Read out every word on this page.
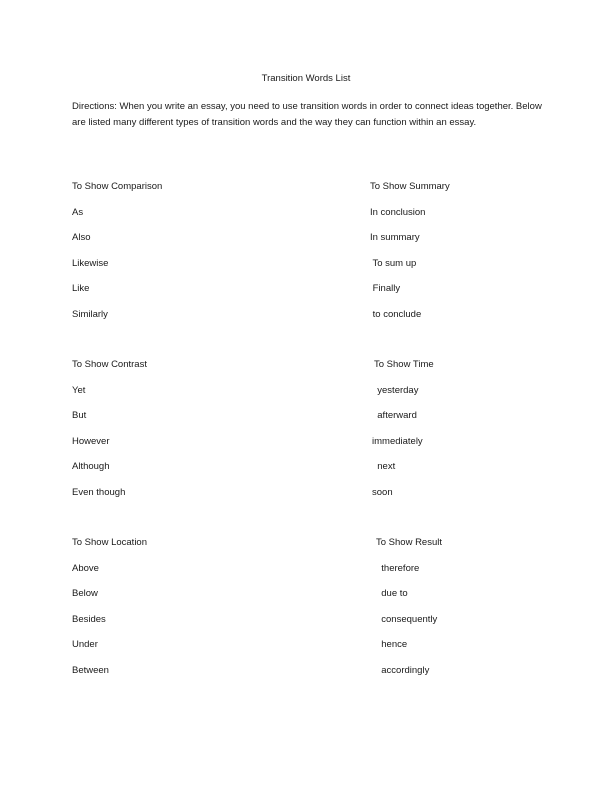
Transition Words List
Directions: When you write an essay, you need to use transition words in order to connect ideas together. Below are listed many different types of transition words and the way they can function within an essay.
To Show Comparison
As
Also
Likewise
Like
Similarly
To Show Summary
In conclusion
In summary
To sum up
Finally
to conclude
To Show Contrast
Yet
But
However
Although
Even though
To Show Time
yesterday
afterward
immediately
next
soon
To Show Location
Above
Below
Besides
Under
Between
To Show Result
therefore
due to
consequently
hence
accordingly
